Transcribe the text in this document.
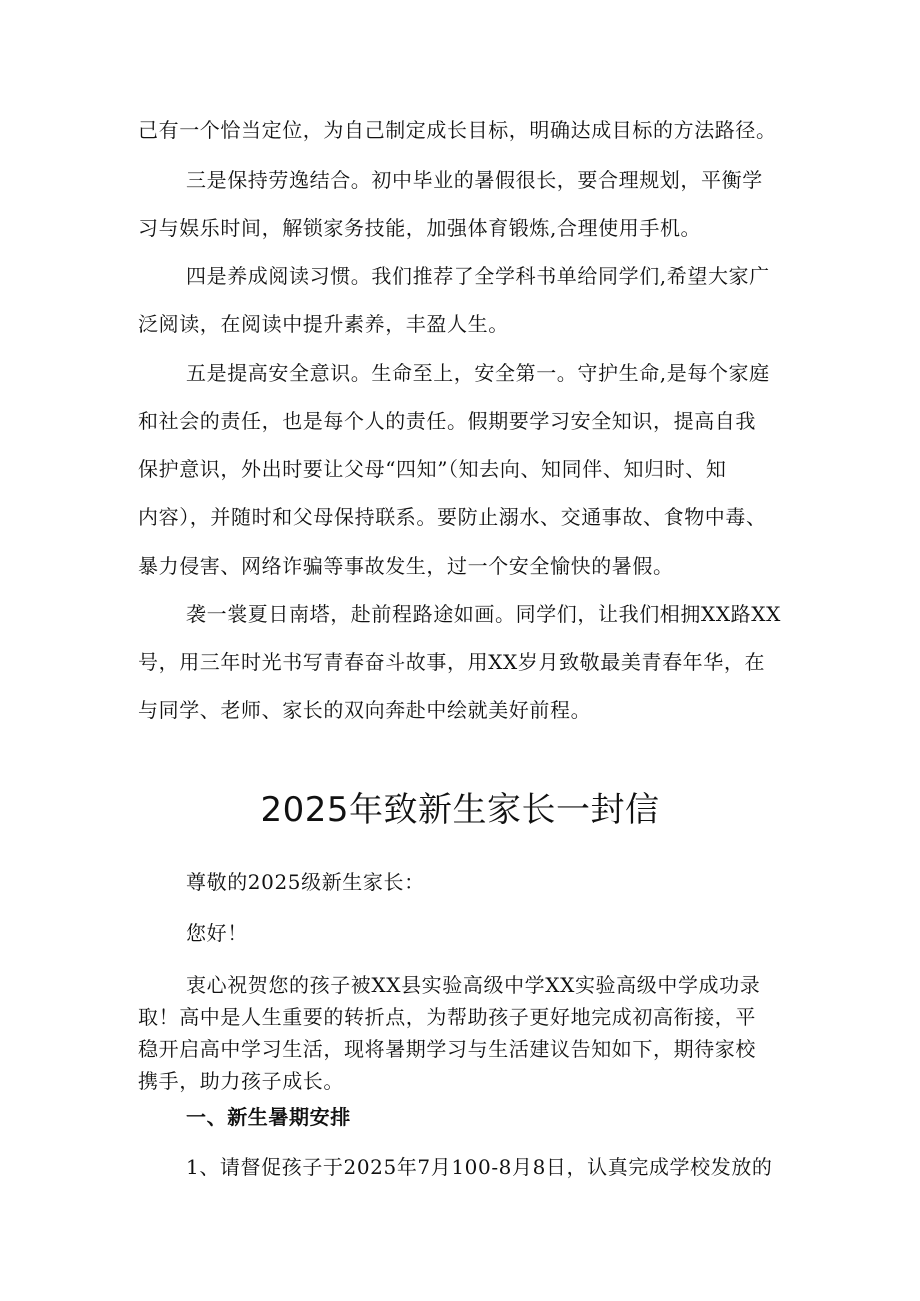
己有一个恰当定位，为自己制定成长目标，明确达成目标的方法路径。
三是保持劳逸结合。初中毕业的暑假很长，要合理规划，平衡学
习与娱乐时间，解锁家务技能，加强体育锻炼,合理使用手机。
四是养成阅读习惯。我们推荐了全学科书单给同学们,希望大家广
泛阅读，在阅读中提升素养，丰盈人生。
五是提高安全意识。生命至上，安全第一。守护生命,是每个家庭
和社会的责任，也是每个人的责任。假期要学习安全知识，提高自我
保护意识，外出时要让父母“四知”（知去向、知同伴、知归时、知
内容），并随时和父母保持联系。要防止溺水、交通事故、食物中毒、
暴力侵害、网络诈骗等事故发生，过一个安全愉快的暑假。
袭一裳夏日南塔，赴前程路途如画。同学们，让我们相拥XX路XX
号，用三年时光书写青春奋斗故事，用XX岁月致敬最美青春年华，在
与同学、老师、家长的双向奔赴中绘就美好前程。
2025年致新生家长一封信
尊敬的2025级新生家长：
您好！
衷心祝贺您的孩子被XX县实验高级中学XX实验高级中学成功录
取！高中是人生重要的转折点，为帮助孩子更好地完成初高衔接，平
稳开启高中学习生活，现将暑期学习与生活建议告知如下，期待家校
携手，助力孩子成长。
一、新生暑期安排
1、请督促孩子于2025年7月100-8月8日，认真完成学校发放的
